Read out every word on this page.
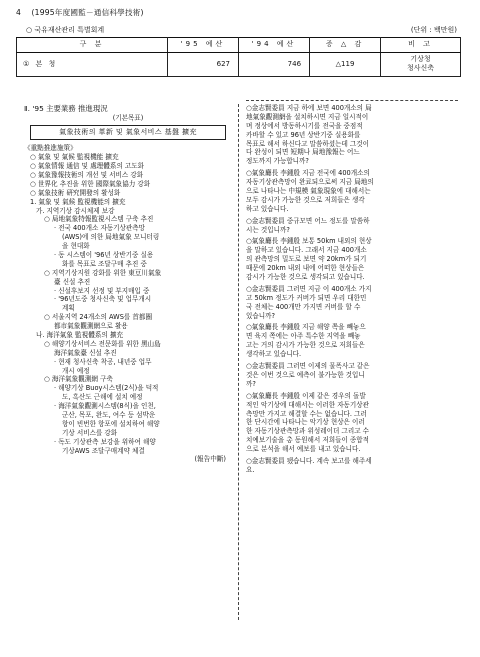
4 (1995年度國監－通信科學技術)
○ 국유재산관리 특별회계	(단위 : 백만원)
구 분	'95 예산	'94 예산	증 △ 감	비 고
① 본 청	627	746	△119	기상청
청사신축
Ⅱ. '95 主要業務 推進現況
(기본목표)
氣象技術의 革新 및 氣象서비스 基盤 擴充
《重點推進施策》
○ 氣象 및 氣候 監視機能 擴充
○ 氣象情報 通信 및 處理體系의 고도화
○ 氣象豫報技術의 개선 및 서비스 강화
○ 世界化 추진을 위한 國際氣象協力 강화
○ 氣象技術 硏究開發의 활성화
1. 氣象 및 氣候 監視機能의 擴充
가. 지역기상 감시체제 보강
○ 局地氣象特報監視시스템 구축 추진
· 전국 400개소 자동기상관측망
(AWS)에 의한 局地氣象 모니터링
을 현대화
· 동 시스템이 '96년 상반기중 실용
화를 목표로 조달구매 추진 중
○ 지역기상지원 강화를 위한 東豆川氣象
臺 신설 추진
· 신설후보지 선정 및 부지매입 중
· '96년도중 청사신축 및 업무개시
계획
○ 서울지역 24개소의 AWS를 首都圈
都市氣象觀測網으로 활용
나. 海洋氣象 監視體系의 擴充
○ 해양기상서비스 전문화를 위한 黑山島
海洋氣象臺 신설 추진
· 현재 청사신축 착공, 내년중 업무
개시 예정
○ 海洋氣象觀測網 구축
· 해양기상 Buoy시스템(2식)을 덕적
도, 흑산도 근해에 설치 예정
· 海洋氣象觀測시스템(8식)을 인천,
군산, 목포, 완도, 여수 등 섬박운
항이 빈번한 항포에 설치하여 해양
기상 서비스를 강화
· 독도 기상관측 보강을 위하여 해양
기상AWS 조달구매계약 체결
(報告中斷)

○金志賢委員 지금 하에 보면 400개소의 局

地氣象觀測網을 설치하시면 지금 일시적이

며 정상에서 방동하시기를 전국을 중점적

카바할 수 있고 96년 상반기중 실용화를

목표로 해서 하신다고 말씀하셨는데 그것이

다 완성이 되면 短期나 局地豫報는 어느

정도까지 가능합니까?

○氣象廳長 李鍾殷 지금 전국에 400개소의

자동기상관측망이 완료되으로써 지금 局地의

으로 나타나는 中規模 氣象現象에 대해서는

모두 감시가 가능한 것으로 저희들은 생각

하고 있습니다.

○金志賢委員 중규모면 어느 정도를 말씀하

시는 것입니까?

○氣象廳長 李鍾殷 보통 50km 내외의 현상

을 말하고 있습니다. 그래서 지금 400개소

의 관측망의 밀도로 보면 약 20km가 되기

때문에 20km 내외 내에 어떠한 현상들은

감시가 가능한 것으로 생각되고 있습니다.

○金志賢委員 그러면 지금 이 400개소 가지

고 50km 정도가 커버가 되면 우리 대한민

국 전체는 400개만 가지면 커버를 할 수

있습니까?

○氣象廳長 李鍾殷 지금 해양 쪽을 빼놓으

면 육지 쪽에는 아주 특수한 지역을 빼놓

고는 거의 감시가 가능한 것으로 저희들은

생각하고 있습니다.

○金志賢委員 그러면 이제의 물폭사고 같은

것은 이번 것으로 예측이 불가능한 것입니

까?

○氣象廳長 李鍾殷 이제 같은 경우의 돌발

적인 악기상에 대해서는 이러한 자동기상관

측망만 가지고 해결할 수는 없습니다. 그러

한 단시간에 나타나는 악기상 현상은 이러

한 자동기상관측망과 위성레이더 그리고 수

치예보기술을 총 동원해서 저희들이 종합적

으로 분석을 해서 예보를 내고 있습니다.

○金志賢委員 됐습니다. 계속 보고를 해주세

요.
